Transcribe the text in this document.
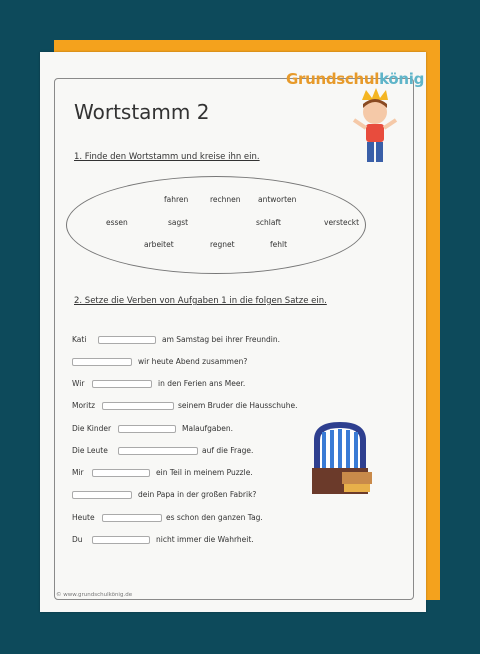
Grundschulkönig
Wortstamm 2
1. Finde den Wortstamm und kreise ihn ein.
fahren	rechnen antworten
essen	sagst	schlaft	versteckt
arbeitet	regnet	fehlt
2. Setze die Verben von Aufgaben 1 in die folgen Satze ein.
Kati	am Samstag bei ihrer Freundin.
wir heute Abend zusammen?
Wir	in den Ferien ans Meer.
Moritz	seinem Bruder die Hausschuhe.
Die Kinder	Malaufgaben.
Die Leute	auf die Frage.
Mir	ein Teil in meinem Puzzle.
dein Papa in der großen Fabrik?
Heute	es schon den ganzen Tag.
Du	nicht immer die Wahrheit.
© www.grundschulkönig.de
